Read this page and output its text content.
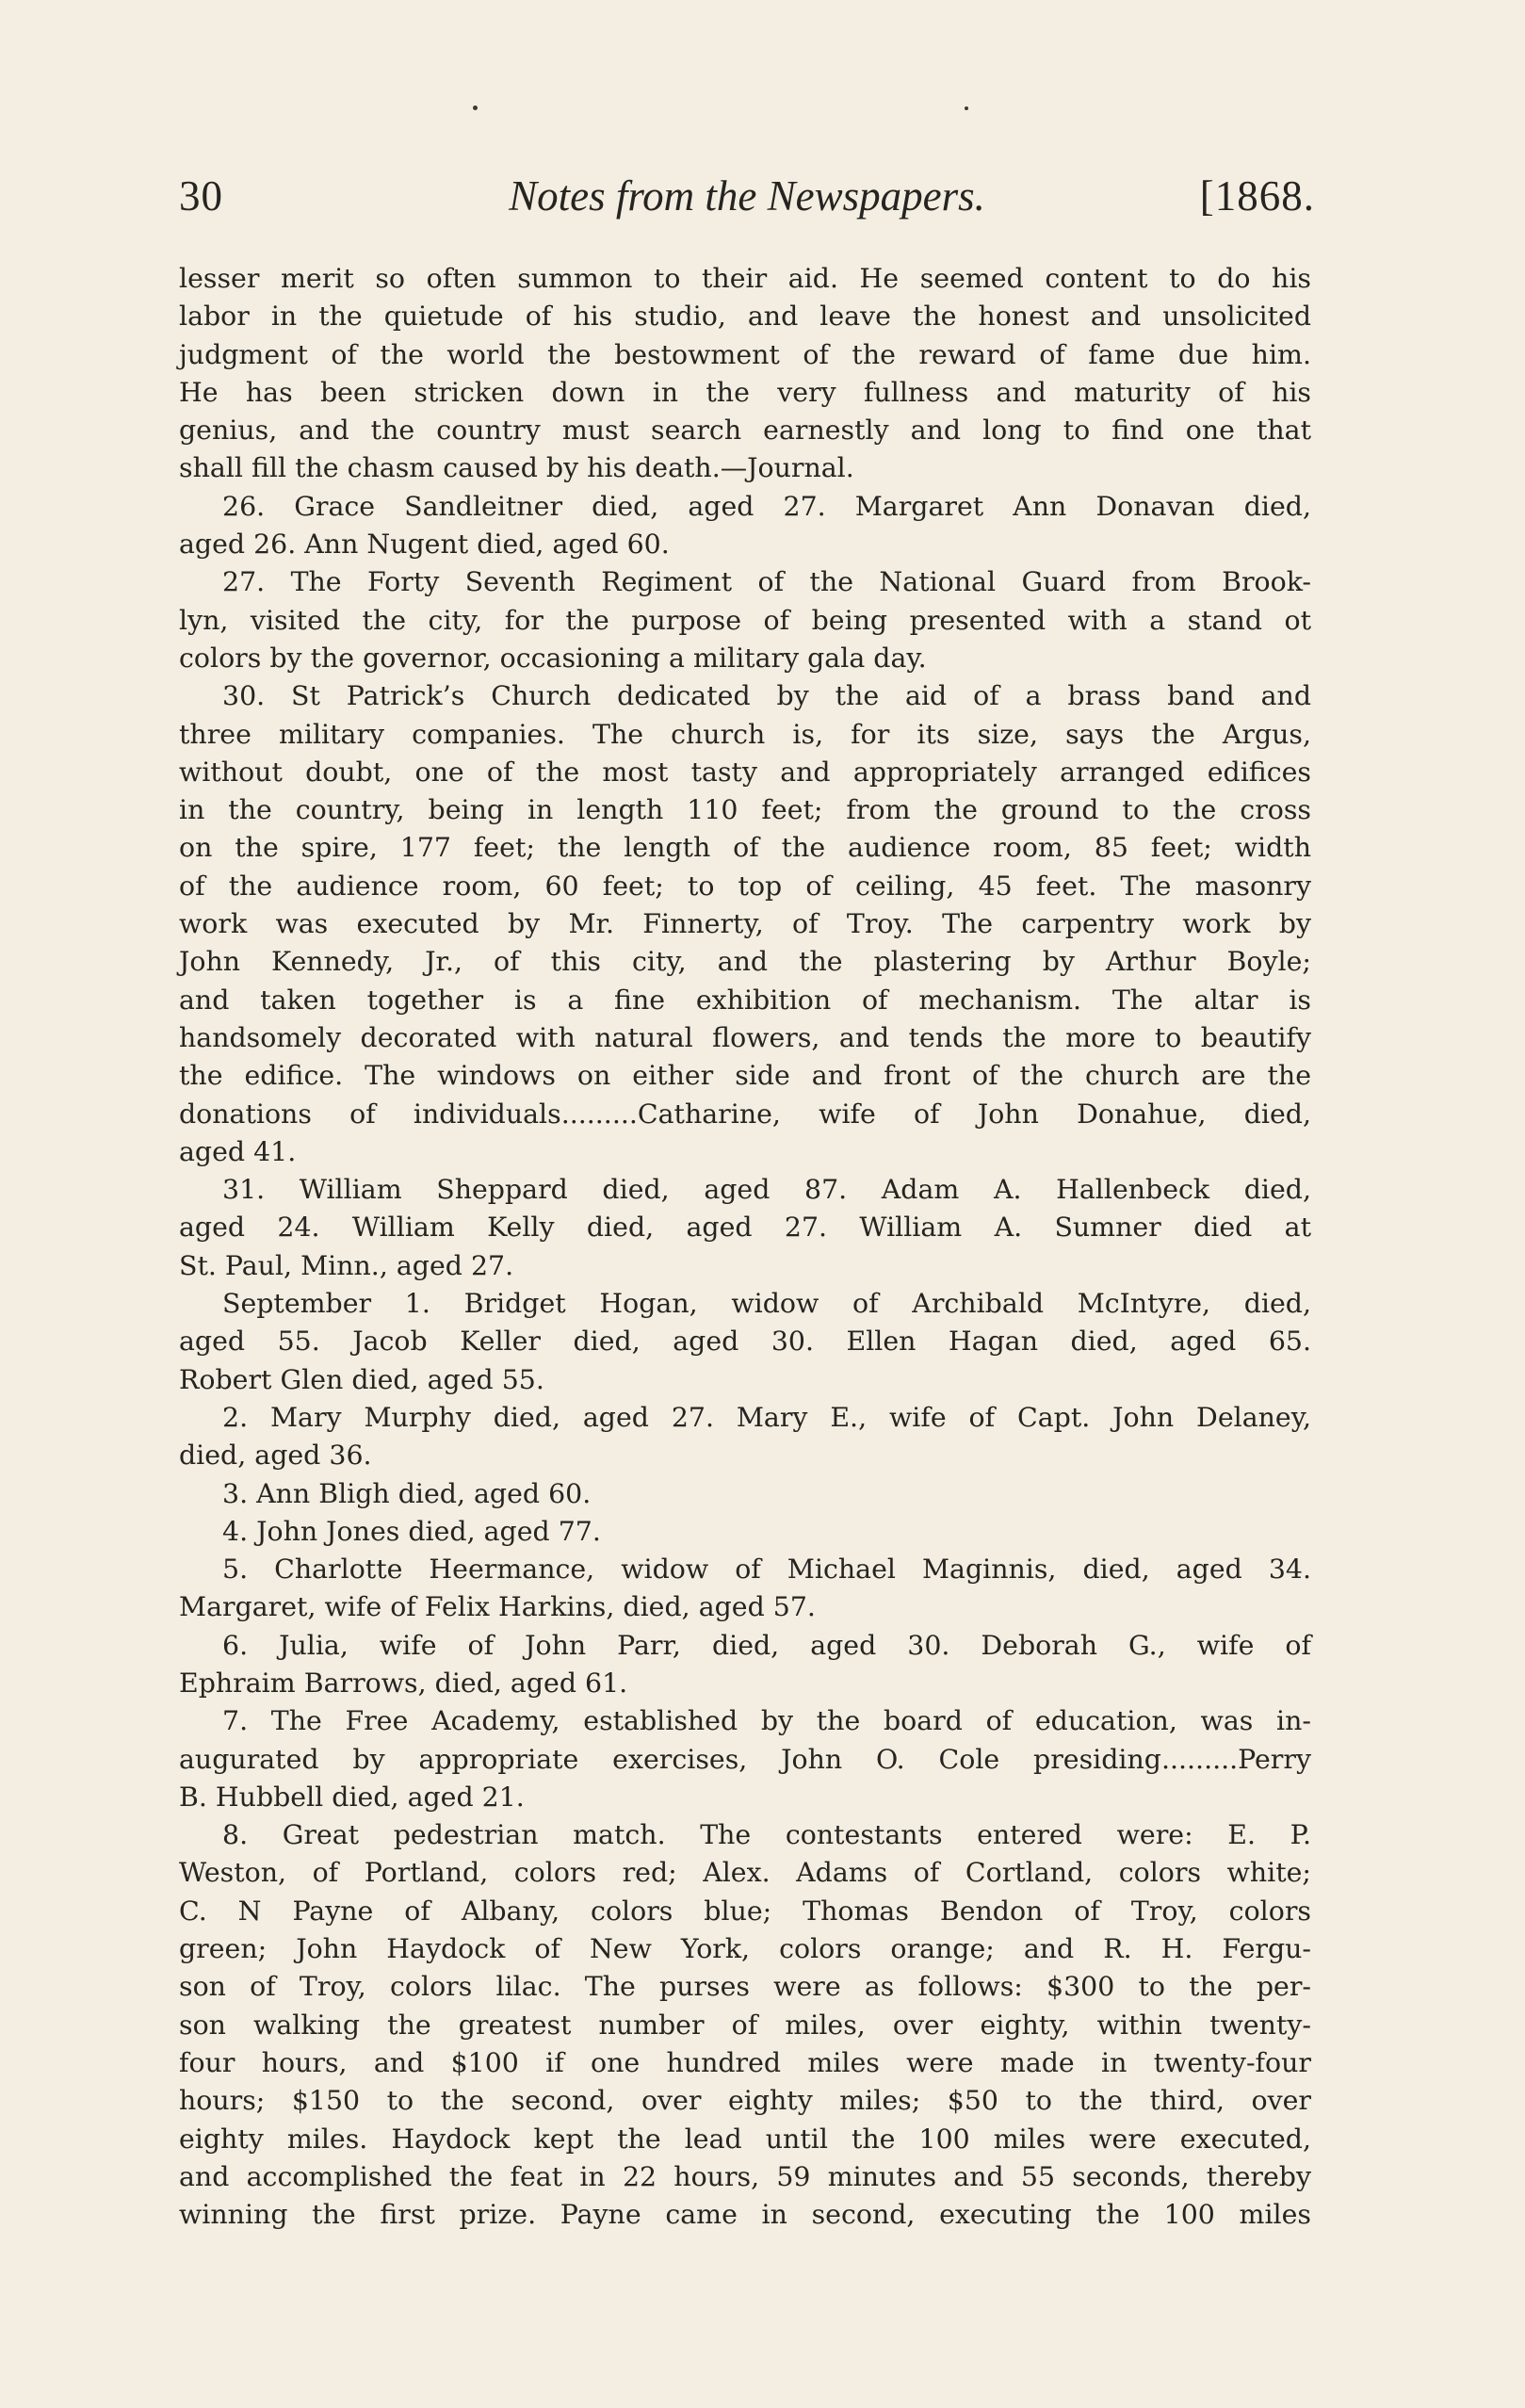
30	Notes from the Newspapers.	[1868.
lesser merit so often summon to their aid. He seemed content to do his
labor in the quietude of his studio, and leave the honest and unsolicited
judgment of the world the bestowment of the reward of fame due him.
He has been stricken down in the very fullness and maturity of his
genius, and the country must search earnestly and long to find one that
shall fill the chasm caused by his death.—Journal.
26. Grace Sandleitner died, aged 27. Margaret Ann Donavan died,
aged 26. Ann Nugent died, aged 60.
27. The Forty Seventh Regiment of the National Guard from Brook-
lyn, visited the city, for the purpose of being presented with a stand ot
colors by the governor, occasioning a military gala day.
30. St Patrick’s Church dedicated by the aid of a brass band and
three military companies. The church is, for its size, says the Argus,
without doubt, one of the most tasty and appropriately arranged edifices
in the country, being in length 110 feet; from the ground to the cross
on the spire, 177 feet; the length of the audience room, 85 feet; width
of the audience room, 60 feet; to top of ceiling, 45 feet. The masonry
work was executed by Mr. Finnerty, of Troy. The carpentry work by
John Kennedy, Jr., of this city, and the plastering by Arthur Boyle;
and taken together is a fine exhibition of mechanism. The altar is
handsomely decorated with natural flowers, and tends the more to beautify
the edifice. The windows on either side and front of the church are the
donations of individuals.........Catharine, wife of John Donahue, died,
aged 41.
31. William Sheppard died, aged 87. Adam A. Hallenbeck died,
aged 24. William Kelly died, aged 27. William A. Sumner died at
St. Paul, Minn., aged 27.
September 1. Bridget Hogan, widow of Archibald McIntyre, died,
aged 55. Jacob Keller died, aged 30. Ellen Hagan died, aged 65.
Robert Glen died, aged 55.
2. Mary Murphy died, aged 27. Mary E., wife of Capt. John Delaney,
died, aged 36.
3. Ann Bligh died, aged 60.
4. John Jones died, aged 77.
5. Charlotte Heermance, widow of Michael Maginnis, died, aged 34.
Margaret, wife of Felix Harkins, died, aged 57.
6. Julia, wife of John Parr, died, aged 30. Deborah G., wife of
Ephraim Barrows, died, aged 61.
7. The Free Academy, established by the board of education, was in-
augurated by appropriate exercises, John O. Cole presiding.........Perry
B. Hubbell died, aged 21.
8. Great pedestrian match. The contestants entered were: E. P.
Weston, of Portland, colors red; Alex. Adams of Cortland, colors white;
C. N Payne of Albany, colors blue; Thomas Bendon of Troy, colors
green; John Haydock of New York, colors orange; and R. H. Fergu-
son of Troy, colors lilac. The purses were as follows: $300 to the per-
son walking the greatest number of miles, over eighty, within twenty-
four hours, and $100 if one hundred miles were made in twenty-four
hours; $150 to the second, over eighty miles; $50 to the third, over
eighty miles. Haydock kept the lead until the 100 miles were executed,
and accomplished the feat in 22 hours, 59 minutes and 55 seconds, thereby
winning the first prize. Payne came in second, executing the 100 miles
